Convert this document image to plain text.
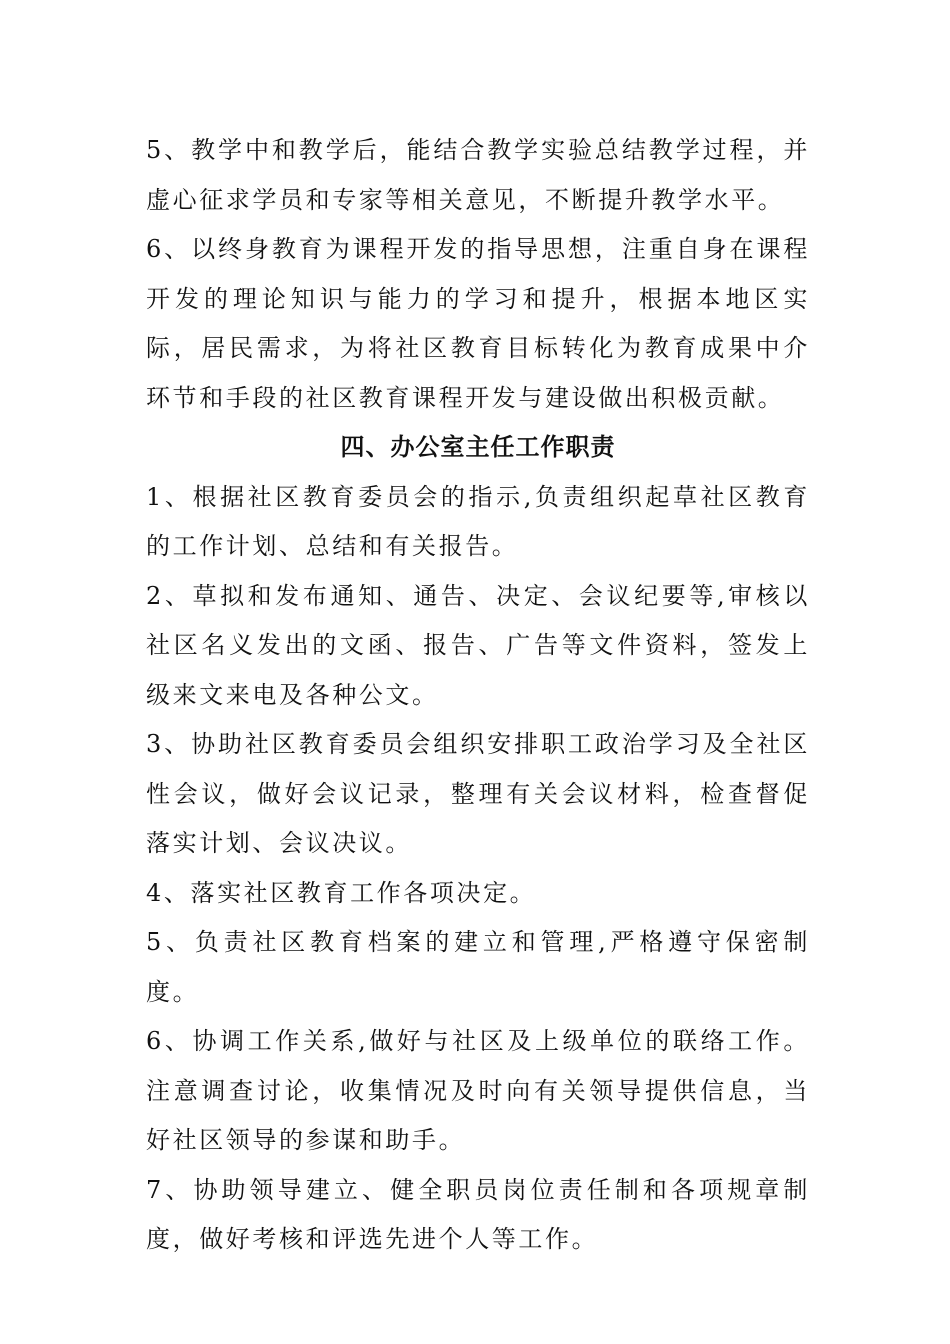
5、教学中和教学后，能结合教学实验总结教学过程，并虚心征求学员和专家等相关意见，不断提升教学水平。

6、以终身教育为课程开发的指导思想，注重自身在课程开发的理论知识与能力的学习和提升，根据本地区实际，居民需求，为将社区教育目标转化为教育成果中介环节和手段的社区教育课程开发与建设做出积极贡献。

四、办公室主任工作职责

1、根据社区教育委员会的指示,负责组织起草社区教育的工作计划、总结和有关报告。

2、草拟和发布通知、通告、决定、会议纪要等,审核以社区名义发出的文函、报告、广告等文件资料，签发上级来文来电及各种公文。

3、协助社区教育委员会组织安排职工政治学习及全社区性会议，做好会议记录，整理有关会议材料，检查督促落实计划、会议决议。

4、落实社区教育工作各项决定。

5、负责社区教育档案的建立和管理,严格遵守保密制度。

6、协调工作关系,做好与社区及上级单位的联络工作。注意调查讨论，收集情况及时向有关领导提供信息，当好社区领导的参谋和助手。

7、协助领导建立、健全职员岗位责任制和各项规章制度，做好考核和评选先进个人等工作。
